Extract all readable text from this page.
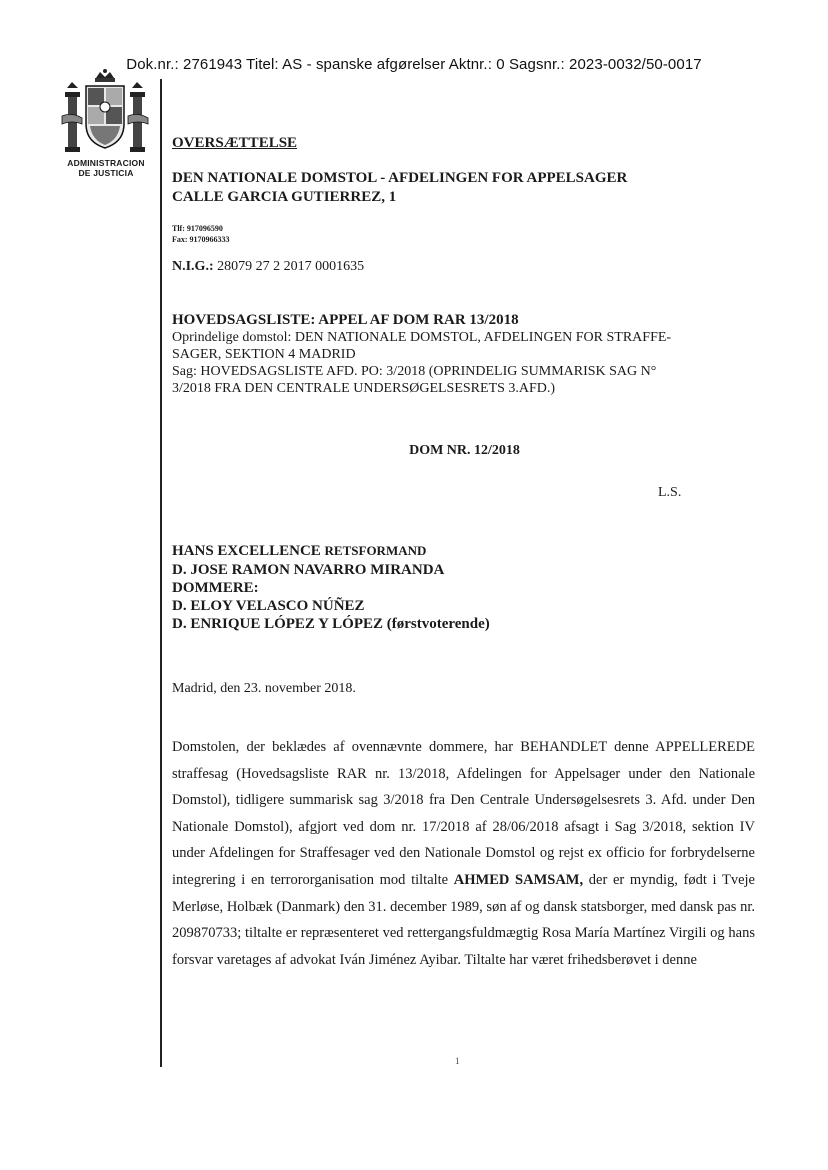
Dok.nr.: 2761943 Titel: AS - spanske afgørelser Aktnr.: 0 Sagsnr.: 2023-0032/50-0017
ADMINISTRACION
DE JUSTICIA
OVERSÆTTELSE
DEN NATIONALE DOMSTOL - AFDELINGEN FOR APPELSAGER
CALLE GARCIA GUTIERREZ, 1
Tlf: 917096590
Fax: 9170966333
N.I.G.: 28079 27 2 2017 0001635
HOVEDSAGSLISTE: APPEL AF DOM RAR 13/2018
Oprindelige domstol: DEN NATIONALE DOMSTOL, AFDELINGEN FOR STRAFFE-
SAGER, SEKTION 4 MADRID
Sag: HOVEDSAGSLISTE AFD. PO: 3/2018 (OPRINDELIG SUMMARISK SAG N°
3/2018 FRA DEN CENTRALE UNDERSØGELSESRETS 3.AFD.)
DOM NR. 12/2018
L.S.
HANS EXCELLENCE RETSFORMAND
D. JOSE RAMON NAVARRO MIRANDA
DOMMERE:
D. ELOY VELASCO NÚÑEZ
D. ENRIQUE LÓPEZ Y LÓPEZ (førstvoterende)
Madrid, den 23. november 2018.

Domstolen, der beklædes af ovennævnte dommere, har BEHANDLET denne APPELLEREDE straffesag (Hovedsagsliste RAR nr. 13/2018, Afdelingen for Appelsager under den Nationale Domstol), tidligere summarisk sag 3/2018 fra Den Centrale Undersøgelsesrets 3. Afd. under Den Nationale Domstol), afgjort ved dom nr. 17/2018 af 28/06/2018 afsagt i Sag 3/2018, sektion IV under Afdelingen for Straffesager ved den Nationale Domstol og rejst ex officio for forbrydelserne integrering i en terrororganisation mod tiltalte AHMED SAMSAM, der er myndig, født i Tveje Merløse, Holbæk (Danmark) den 31. december 1989, søn af og dansk statsborger, med dansk pas nr. 209870733; tiltalte er repræsenteret ved rettergangsfuldmægtig Rosa María Martínez Virgili og hans forsvar varetages af advokat Iván Jiménez Ayibar. Tiltalte har været frihedsberøvet i denne

1
